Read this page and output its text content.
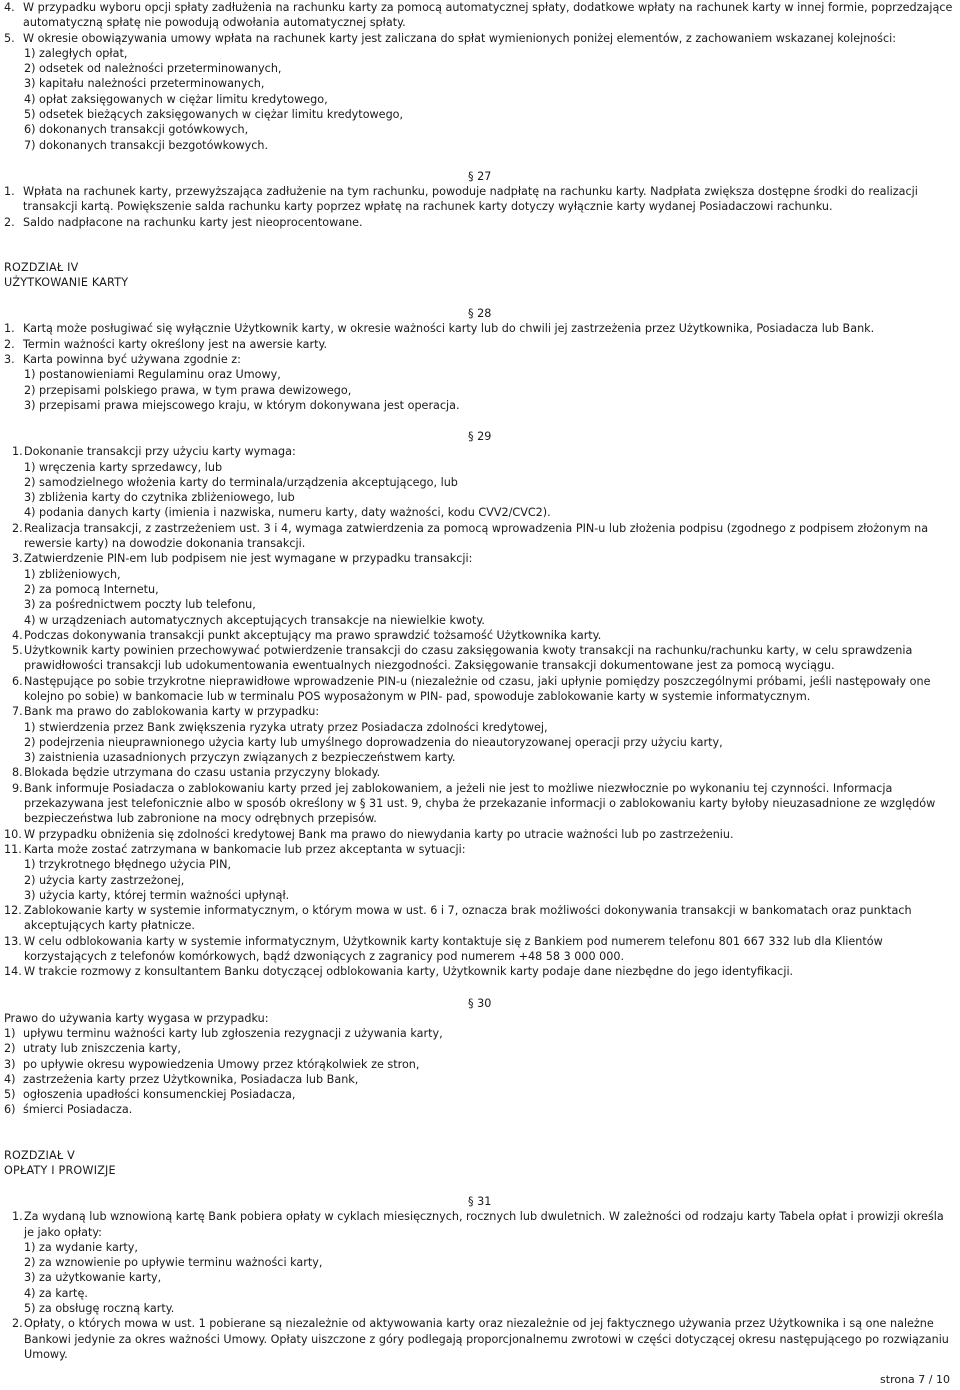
4. W przypadku wyboru opcji spłaty zadłużenia na rachunku karty za pomocą automatycznej spłaty, dodatkowe wpłaty na rachunek karty w innej formie, poprzedzające automatyczną spłatę nie powodują odwołania automatycznej spłaty.
5. W okresie obowiązywania umowy wpłata na rachunek karty jest zaliczana do spłat wymienionych poniżej elementów, z zachowaniem wskazanej kolejności:
1) zaległych opłat,
2) odsetek od należności przeterminowanych,
3) kapitału należności przeterminowanych,
4) opłat zaksięgowanych w ciężar limitu kredytowego,
5) odsetek bieżących zaksięgowanych w ciężar limitu kredytowego,
6) dokonanych transakcji gotówkowych,
7) dokonanych transakcji bezgotówkowych.
§ 27
1. Wpłata na rachunek karty, przewyższająca zadłużenie na tym rachunku, powoduje nadpłatę na rachunku karty. Nadpłata zwiększa dostępne środki do realizacji transakcji kartą. Powiększenie salda rachunku karty poprzez wpłatę na rachunek karty dotyczy wyłącznie karty wydanej Posiadaczowi rachunku.
2. Saldo nadpłacone na rachunku karty jest nieoprocentowane.
ROZDZIAŁ IV
UŻYTKOWANIE KARTY
§ 28
1. Kartą może posługiwać się wyłącznie Użytkownik karty, w okresie ważności karty lub do chwili jej zastrzeżenia przez Użytkownika, Posiadacza lub Bank.
2. Termin ważności karty określony jest na awersie karty.
3. Karta powinna być używana zgodnie z:
1) postanowieniami Regulaminu oraz Umowy,
2) przepisami polskiego prawa, w tym prawa dewizowego,
3) przepisami prawa miejscowego kraju, w którym dokonywana jest operacja.
§ 29
1. Dokonanie transakcji przy użyciu karty wymaga:
1) wręczenia karty sprzedawcy, lub
2) samodzielnego włożenia karty do terminala/urządzenia akceptującego, lub
3) zbliżenia karty do czytnika zbliżeniowego, lub
4) podania danych karty (imienia i nazwiska, numeru karty, daty ważności, kodu CVV2/CVC2).
2. Realizacja transakcji, z zastrzeżeniem ust. 3 i 4, wymaga zatwierdzenia za pomocą wprowadzenia PIN-u lub złożenia podpisu (zgodnego z podpisem złożonym na rewersie karty) na dowodzie dokonania transakcji.
3. Zatwierdzenie PIN-em lub podpisem nie jest wymagane w przypadku transakcji:
1) zbliżeniowych,
2) za pomocą Internetu,
3) za pośrednictwem poczty lub telefonu,
4) w urządzeniach automatycznych akceptujących transakcje na niewielkie kwoty.
4. Podczas dokonywania transakcji punkt akceptujący ma prawo sprawdzić tożsamość Użytkownika karty.
5. Użytkownik karty powinien przechowywać potwierdzenie transakcji do czasu zaksięgowania kwoty transakcji na rachunku/rachunku karty, w celu sprawdzenia prawidłowości transakcji lub udokumentowania ewentualnych niezgodności. Zaksięgowanie transakcji dokumentowane jest za pomocą wyciągu.
6. Następujące po sobie trzykrotne nieprawidłowe wprowadzenie PIN-u (niezależnie od czasu, jaki upłynie pomiędzy poszczególnymi próbami, jeśli następowały one kolejno po sobie) w bankomacie lub w terminalu POS wyposażonym w PIN- pad, spowoduje zablokowanie karty w systemie informatycznym.
7. Bank ma prawo do zablokowania karty w przypadku:
1) stwierdzenia przez Bank zwiększenia ryzyka utraty przez Posiadacza zdolności kredytowej,
2) podejrzenia nieuprawnionego użycia karty lub umyślnego doprowadzenia do nieautoryzowanej operacji przy użyciu karty,
3) zaistnienia uzasadnionych przyczyn związanych z bezpieczeństwem karty.
8. Blokada będzie utrzymana do czasu ustania przyczyny blokady.
9. Bank informuje Posiadacza o zablokowaniu karty przed jej zablokowaniem, a jeżeli nie jest to możliwe niezwłocznie po wykonaniu tej czynności. Informacja przekazywana jest telefonicznie albo w sposób określony w § 31 ust. 9, chyba że przekazanie informacji o zablokowaniu karty byłoby nieuzasadnione ze względów bezpieczeństwa lub zabronione na mocy odrębnych przepisów.
10. W przypadku obniżenia się zdolności kredytowej Bank ma prawo do niewydania karty po utracie ważności lub po zastrzeżeniu.
11. Karta może zostać zatrzymana w bankomacie lub przez akceptanta w sytuacji:
1) trzykrotnego błędnego użycia PIN,
2) użycia karty zastrzeżonej,
3) użycia karty, której termin ważności upłynął.
12. Zablokowanie karty w systemie informatycznym, o którym mowa w ust. 6 i 7, oznacza brak możliwości dokonywania transakcji w bankomatach oraz punktach akceptujących karty płatnicze.
13. W celu odblokowania karty w systemie informatycznym, Użytkownik karty kontaktuje się z Bankiem pod numerem telefonu 801 667 332 lub dla Klientów korzystających z telefonów komórkowych, bądź dzwoniących z zagranicy pod numerem +48 58 3 000 000.
14. W trakcie rozmowy z konsultantem Banku dotyczącej odblokowania karty, Użytkownik karty podaje dane niezbędne do jego identyfikacji.
§ 30
Prawo do używania karty wygasa w przypadku:
1) upływu terminu ważności karty lub zgłoszenia rezygnacji z używania karty,
2) utraty lub zniszczenia karty,
3) po upływie okresu wypowiedzenia Umowy przez którąkolwiek ze stron,
4) zastrzeżenia karty przez Użytkownika, Posiadacza lub Bank,
5) ogłoszenia upadłości konsumenckiej Posiadacza,
6) śmierci Posiadacza.
ROZDZIAŁ V
OPŁATY I PROWIZJE
§ 31
1. Za wydaną lub wznowioną kartę Bank pobiera opłaty w cyklach miesięcznych, rocznych lub dwuletnich. W zależności od rodzaju karty Tabela opłat i prowizji określa je jako opłaty:
1) za wydanie karty,
2) za wznowienie po upływie terminu ważności karty,
3) za użytkowanie karty,
4) za kartę.
5) za obsługę roczną karty.
2. Opłaty, o których mowa w ust. 1 pobierane są niezależnie od aktywowania karty oraz niezależnie od jej faktycznego używania przez Użytkownika i są one należne Bankowi jedynie za okres ważności Umowy. Opłaty uiszczone z góry podlegają proporcjonalnemu zwrotowi w części dotyczącej okresu następującego po rozwiązaniu Umowy.
strona 7 / 10
